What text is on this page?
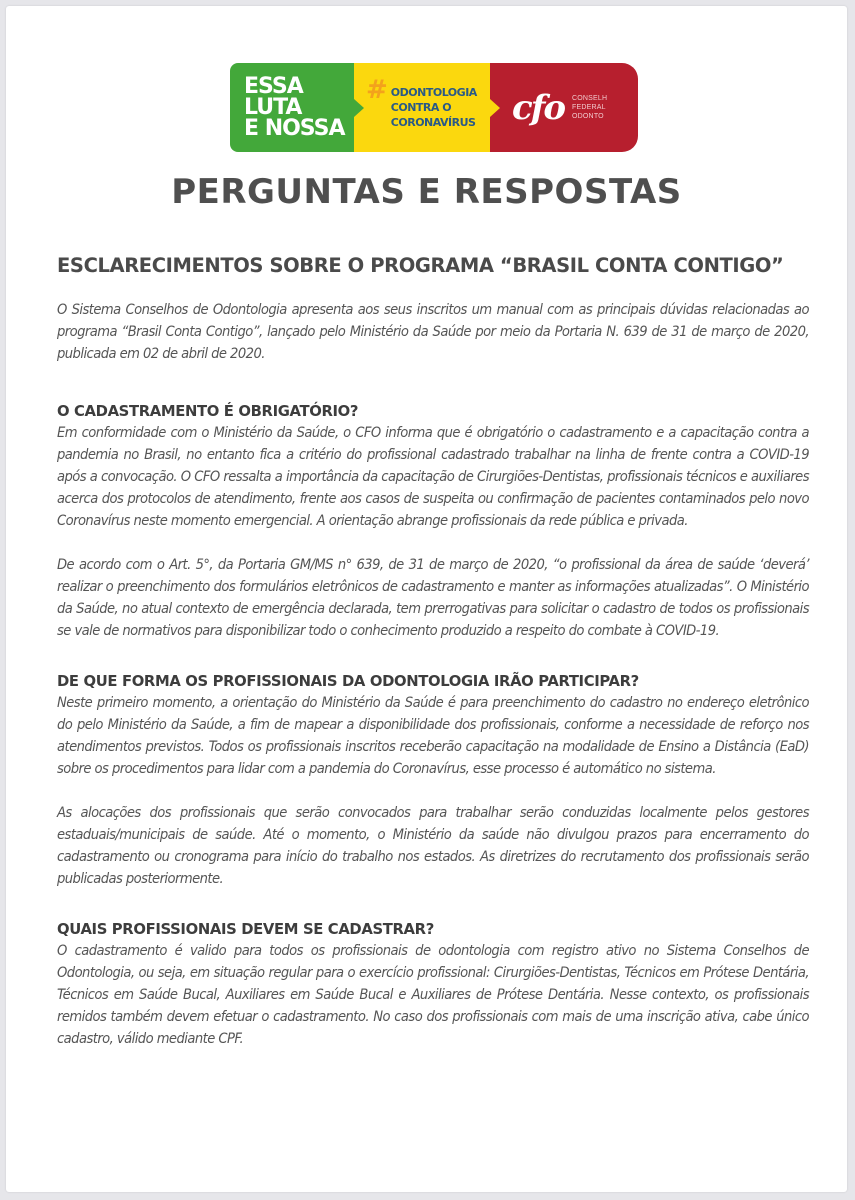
ESSA
LUTA
E NOSSA
# ODONTOLOGIA
CONTRA O
CORONAVÍRUS cfo CONSELH
FEDERAL
ODONTO
PERGUNTAS E RESPOSTAS
ESCLARECIMENTOS SOBRE O PROGRAMA “BRASIL CONTA CONTIGO”

O Sistema Conselhos de Odontologia apresenta aos seus inscritos um manual com as principais dúvidas relacionadas ao programa “Brasil Conta Contigo”, lançado pelo Ministério da Saúde por meio da Portaria N. 639 de 31 de março de 2020, publicada em 02 de abril de 2020.

O CADASTRAMENTO É OBRIGATÓRIO?

Em conformidade com o Ministério da Saúde, o CFO informa que é obrigatório o cadastramento e a capacitação contra a pandemia no Brasil, no entanto fica a critério do profissional cadastrado trabalhar na linha de frente contra a COVID-19 após a convocação. O CFO ressalta a importância da capacitação de Cirurgiões-Dentistas, profissionais técnicos e auxiliares acerca dos protocolos de atendimento, frente aos casos de suspeita ou confirmação de pacientes contaminados pelo novo Coronavírus neste momento emergencial. A orientação abrange profissionais da rede pública e privada.

De acordo com o Art. 5°, da Portaria GM/MS n° 639, de 31 de março de 2020, “o profissional da área de saúde ‘deverá’ realizar o preenchimento dos formulários eletrônicos de cadastramento e manter as informações atualizadas”. O Ministério da Saúde, no atual contexto de emergência declarada, tem prerrogativas para solicitar o cadastro de todos os profissionais se vale de normativos para disponibilizar todo o conhecimento produzido a respeito do combate à COVID-19.

DE QUE FORMA OS PROFISSIONAIS DA ODONTOLOGIA IRÃO PARTICIPAR?

Neste primeiro momento, a orientação do Ministério da Saúde é para preenchimento do cadastro no endereço eletrônico do pelo Ministério da Saúde, a fim de mapear a disponibilidade dos profissionais, conforme a necessidade de reforço nos atendimentos previstos. Todos os profissionais inscritos receberão capacitação na modalidade de Ensino a Distância (EaD) sobre os procedimentos para lidar com a pandemia do Coronavírus, esse processo é automático no sistema.

As alocações dos profissionais que serão convocados para trabalhar serão conduzidas localmente pelos gestores estaduais/municipais de saúde. Até o momento, o Ministério da saúde não divulgou prazos para encerramento do cadastramento ou cronograma para início do trabalho nos estados. As diretrizes do recrutamento dos profissionais serão publicadas posteriormente.

QUAIS PROFISSIONAIS DEVEM SE CADASTRAR?

O cadastramento é valido para todos os profissionais de odontologia com registro ativo no Sistema Conselhos de Odontologia, ou seja, em situação regular para o exercício profissional: Cirurgiões-Dentistas, Técnicos em Prótese Dentária, Técnicos em Saúde Bucal, Auxiliares em Saúde Bucal e Auxiliares de Prótese Dentária. Nesse contexto, os profissionais remidos também devem efetuar o cadastramento. No caso dos profissionais com mais de uma inscrição ativa, cabe único cadastro, válido mediante CPF.
